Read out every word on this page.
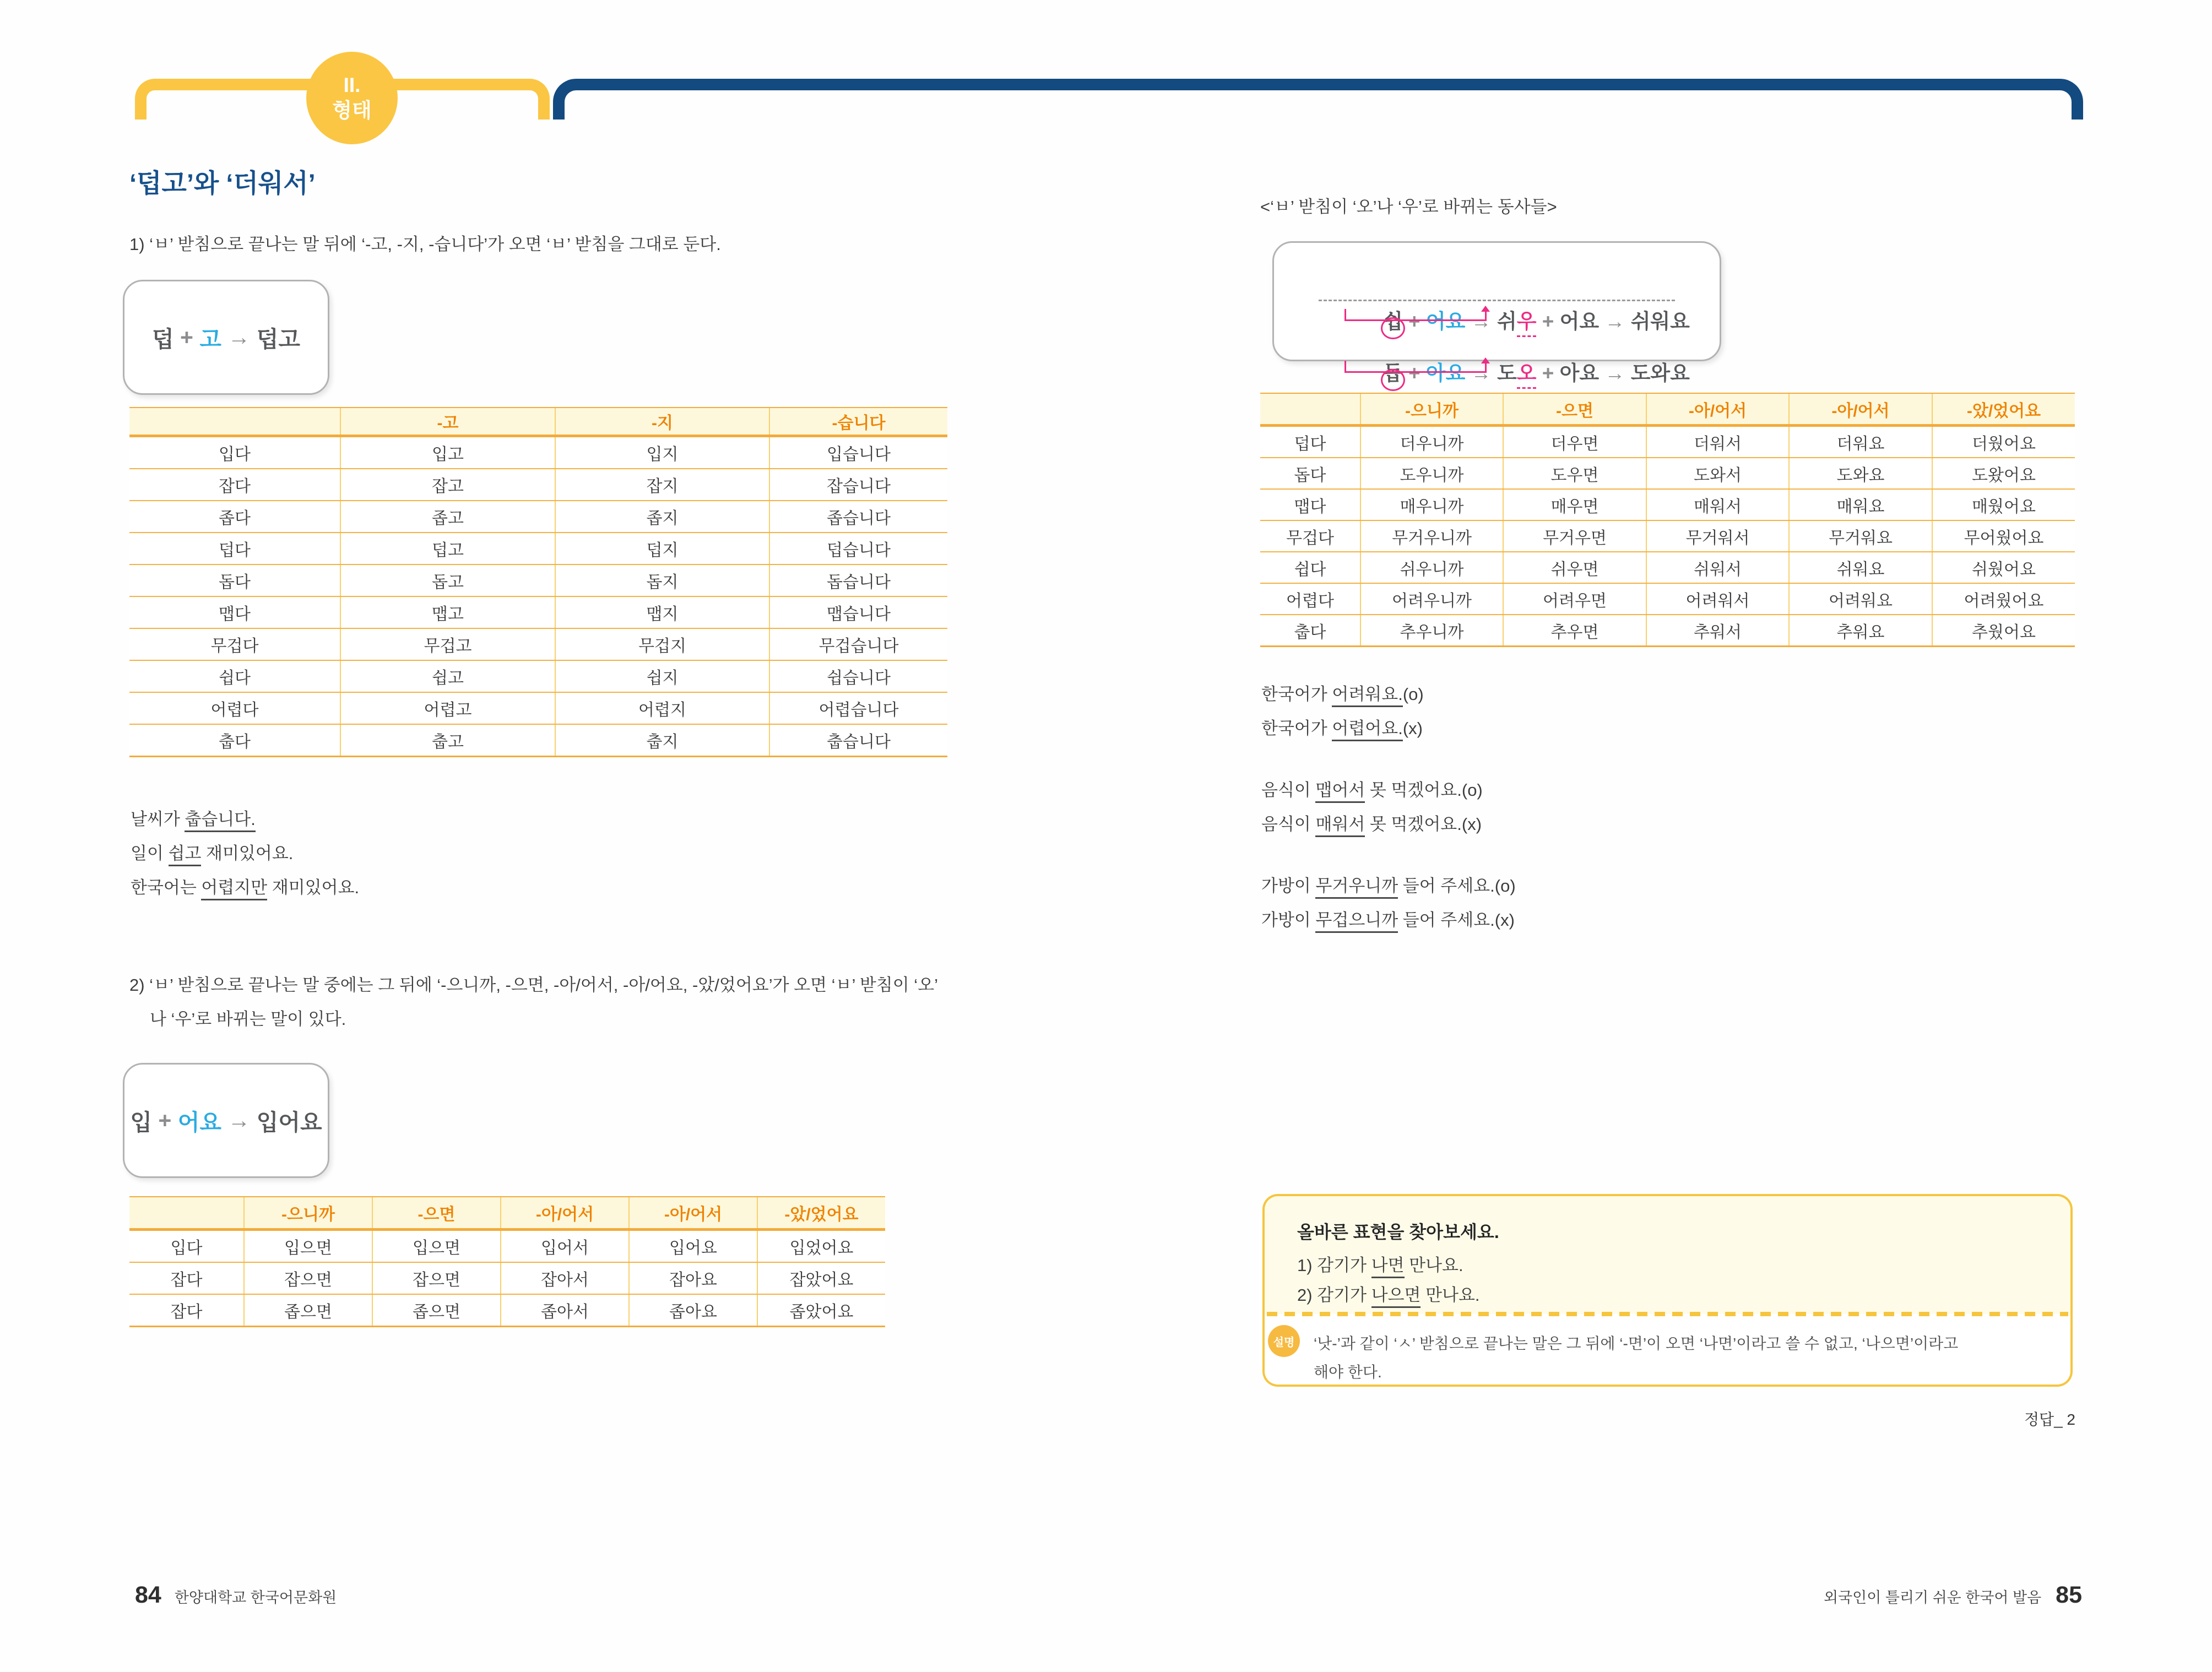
II.
형태
‘덥고’와 ‘더워서’
1) ‘ㅂ’ 받침으로 끝나는 말 뒤에 ‘-고, -지, -습니다’가 오면 ‘ㅂ’ 받침을 그대로 둔다.
덥 + 고 → 덥고
	-고	-지	-습니다
입다	입고	입지	입습니다
잡다	잡고	잡지	잡습니다
좁다	좁고	좁지	좁습니다
덥다	덥고	덥지	덥습니다
돕다	돕고	돕지	돕습니다
맵다	맵고	맵지	맵습니다
무겁다	무겁고	무겁지	무겁습니다
쉽다	쉽고	쉽지	쉽습니다
어렵다	어렵고	어렵지	어렵습니다
춥다	춥고	춥지	춥습니다
날씨가 춥습니다.
일이 쉽고 재미있어요.
한국어는 어렵지만 재미있어요.
2) ‘ㅂ’ 받침으로 끝나는 말 중에는 그 뒤에 ‘-으니까, -으면, -아/어서, -아/어요, -았/었어요’가 오면 ‘ㅂ’ 받침이 ‘오’
나 ‘우’로 바뀌는 말이 있다.
입 + 어요 → 입어요
	-으니까	-으면	-아/어서	-아/어서	-았/었어요
입다	입으면	입으면	입어서	입어요	입었어요
잡다	잡으면	잡으면	잡아서	잡아요	잡았어요
잡다	좁으면	좁으면	좁아서	좁아요	좁았어요
<‘ㅂ’ 받침이 ‘오’나 ‘우’로 바뀌는 동사들>

쉽 + 어요 → 쉬우 + 어요 → 쉬워요

돕 + 아요 → 도오 + 아요 → 도와요

	-으니까	-으면	-아/어서	-아/어서	-았/었어요
덥다	더우니까	더우면	더워서	더워요	더웠어요
돕다	도우니까	도우면	도와서	도와요	도왔어요
맵다	매우니까	매우면	매워서	매워요	매웠어요
무겁다	무거우니까	무거우면	무거워서	무거워요	무어웠어요
쉽다	쉬우니까	쉬우면	쉬워서	쉬워요	쉬웠어요
어렵다	어려우니까	어려우면	어려워서	어려워요	어려웠어요
춥다	추우니까	추우면	추워서	추워요	추웠어요
한국어가 어려워요.(o)
한국어가 어렵어요.(x)
음식이 맵어서 못 먹겠어요.(o)
음식이 매워서 못 먹겠어요.(x)
가방이 무거우니까 들어 주세요.(o)
가방이 무겁으니까 들어 주세요.(x)
올바른 표현을 찾아보세요.
1) 감기가 나면 만나요.
2) 감기가 나으면 만나요.
설명	‘낫-’과 같이 ‘ㅅ’ 받침으로 끝나는 말은 그 뒤에 ‘-면’이 오면 ‘나면’이라고 쓸 수 없고, ‘나으면’이라고
해야 한다.
정답_ 2
84 한양대학교 한국어문화원	외국인이 틀리기 쉬운 한국어 발음 85
